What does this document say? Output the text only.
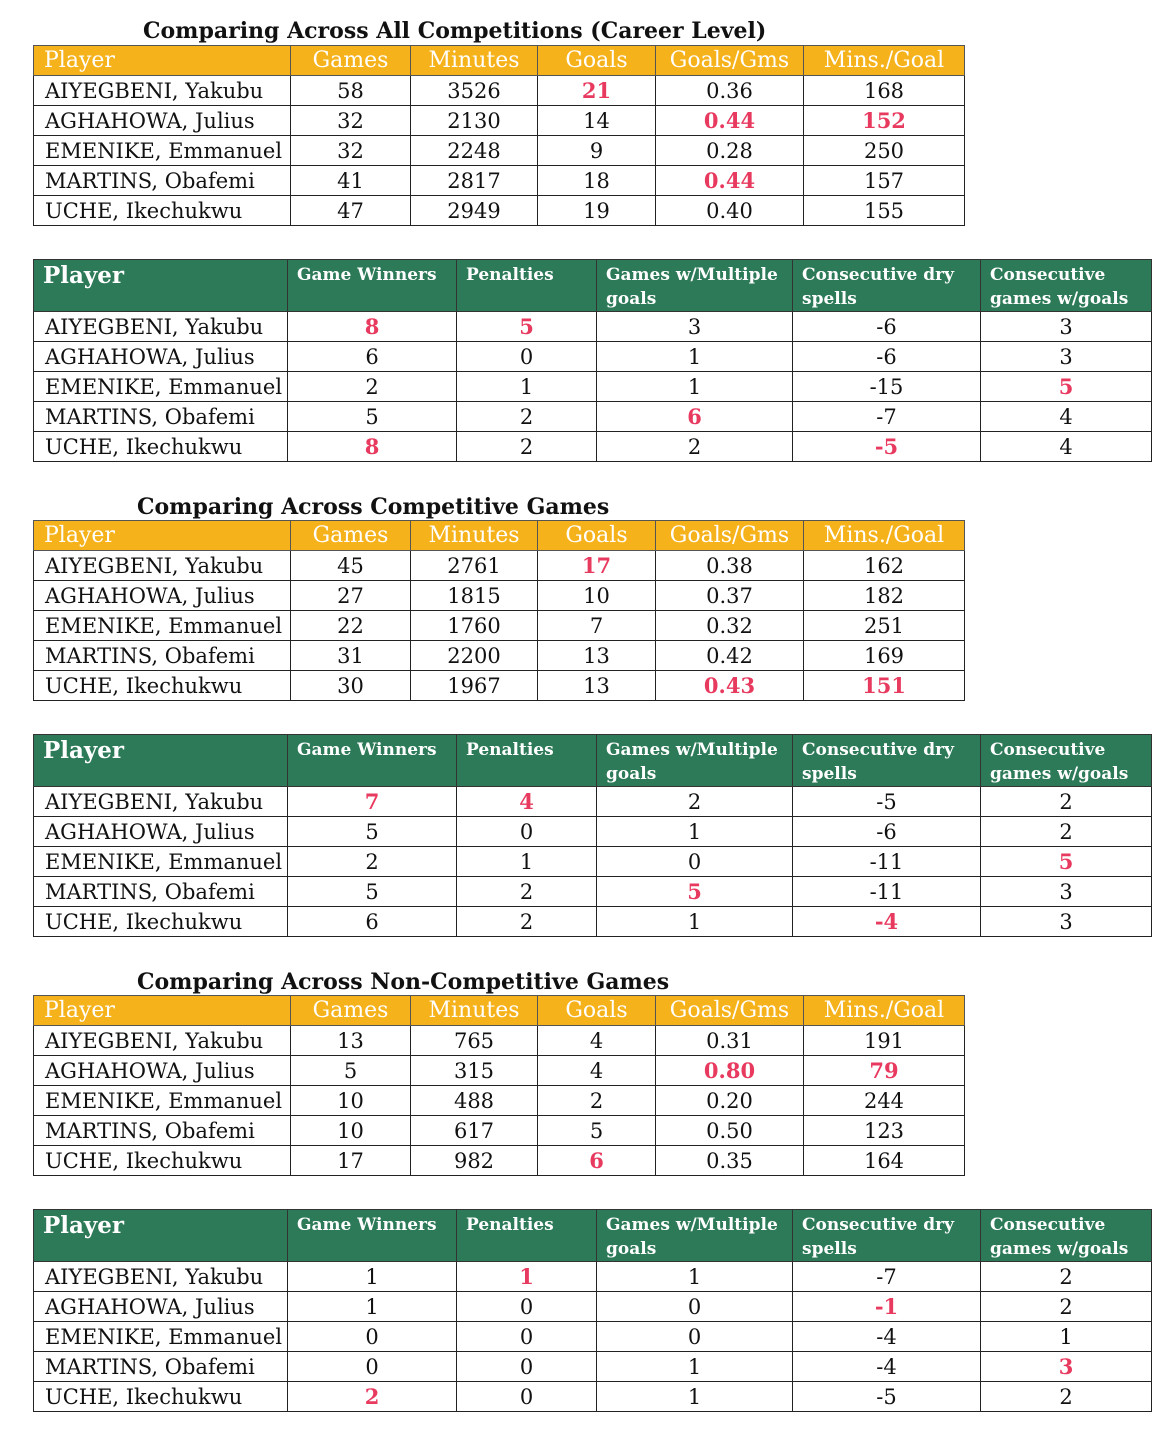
Comparing Across All Competitions (Career Level)
Player	Games	Minutes	Goals	Goals/Gms	Mins./Goal
AIYEGBENI, Yakubu	58	3526	21	0.36	168
AGHAHOWA, Julius	32	2130	14	0.44	152
EMENIKE, Emmanuel	32	2248	9	0.28	250
MARTINS, Obafemi	41	2817	18	0.44	157
UCHE, Ikechukwu	47	2949	19	0.40	155
Player	Game Winners	Penalties	Games w/Multiple goals	Consecutive dry spells	Consecutive games w/goals
AIYEGBENI, Yakubu	8	5	3	-6	3
AGHAHOWA, Julius	6	0	1	-6	3
EMENIKE, Emmanuel	2	1	1	-15	5
MARTINS, Obafemi	5	2	6	-7	4
UCHE, Ikechukwu	8	2	2	-5	4
Comparing Across Competitive Games
Player	Games	Minutes	Goals	Goals/Gms	Mins./Goal
AIYEGBENI, Yakubu	45	2761	17	0.38	162
AGHAHOWA, Julius	27	1815	10	0.37	182
EMENIKE, Emmanuel	22	1760	7	0.32	251
MARTINS, Obafemi	31	2200	13	0.42	169
UCHE, Ikechukwu	30	1967	13	0.43	151
Player	Game Winners	Penalties	Games w/Multiple goals	Consecutive dry spells	Consecutive games w/goals
AIYEGBENI, Yakubu	7	4	2	-5	2
AGHAHOWA, Julius	5	0	1	-6	2
EMENIKE, Emmanuel	2	1	0	-11	5
MARTINS, Obafemi	5	2	5	-11	3
UCHE, Ikechukwu	6	2	1	-4	3
Comparing Across Non-Competitive Games
Player	Games	Minutes	Goals	Goals/Gms	Mins./Goal
AIYEGBENI, Yakubu	13	765	4	0.31	191
AGHAHOWA, Julius	5	315	4	0.80	79
EMENIKE, Emmanuel	10	488	2	0.20	244
MARTINS, Obafemi	10	617	5	0.50	123
UCHE, Ikechukwu	17	982	6	0.35	164
Player	Game Winners	Penalties	Games w/Multiple goals	Consecutive dry spells	Consecutive games w/goals
AIYEGBENI, Yakubu	1	1	1	-7	2
AGHAHOWA, Julius	1	0	0	-1	2
EMENIKE, Emmanuel	0	0	0	-4	1
MARTINS, Obafemi	0	0	1	-4	3
UCHE, Ikechukwu	2	0	1	-5	2
